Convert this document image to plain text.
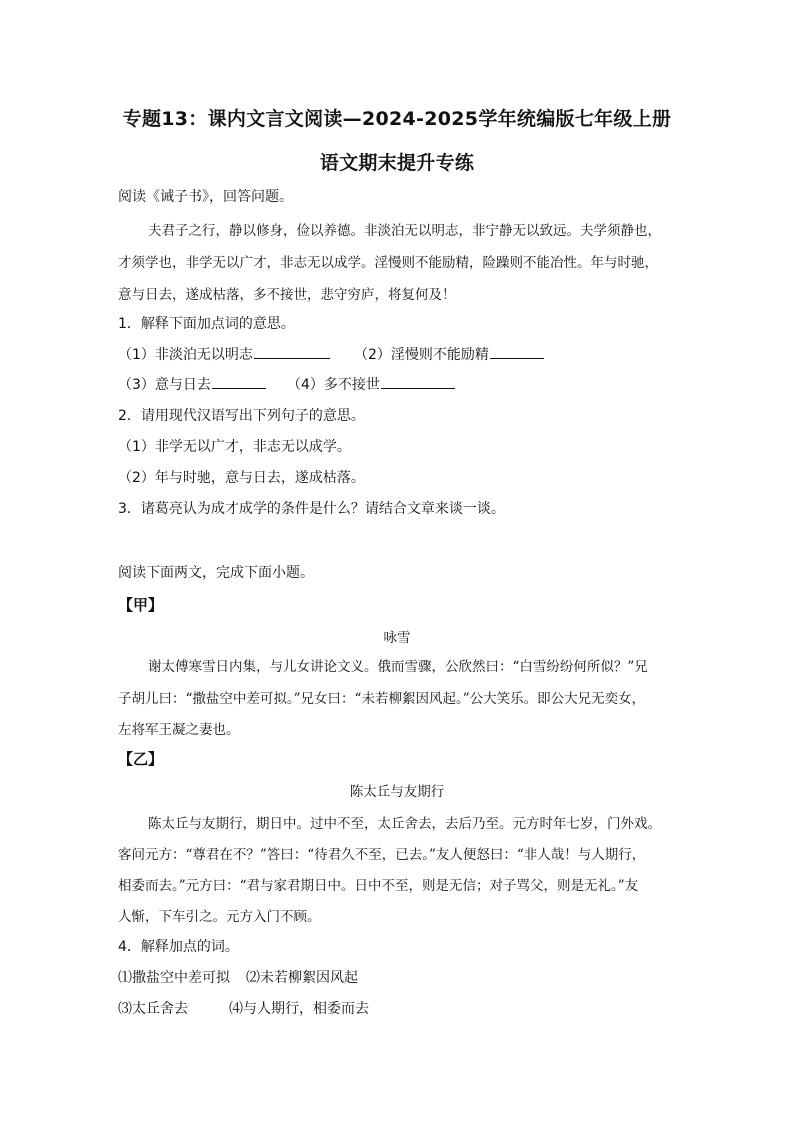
专题13：课内文言文阅读—2024-2025学年统编版七年级上册
语文期末提升专练
阅读《诫子书》，回答问题。
夫君子之行，静以修身，俭以养德。非淡泊无以明志，非宁静无以致远。夫学须静也，
才须学也，非学无以广才，非志无以成学。淫慢则不能励精，险躁则不能冶性。年与时驰，
意与日去，遂成枯落，多不接世，悲守穷庐，将复何及！
1．解释下面加点词的意思。
（1）非淡泊无以明志	（2）淫慢则不能励精
（3）意与日去	（4）多不接世
2．请用现代汉语写出下列句子的意思。
（1）非学无以广才，非志无以成学。
（2）年与时驰，意与日去，遂成枯落。
3．诸葛亮认为成才成学的条件是什么？请结合文章来谈一谈。
阅读下面两文，完成下面小题。
【甲】
咏雪
谢太傅寒雪日内集，与儿女讲论文义。俄而雪骤，公欣然曰：“白雪纷纷何所似？”兄
子胡儿曰：“撒盐空中差可拟。”兄女曰：“未若柳絮因风起。”公大笑乐。即公大兄无奕女，
左将军王凝之妻也。
【乙】
陈太丘与友期行
陈太丘与友期行，期日中。过中不至，太丘舍去，去后乃至。元方时年七岁，门外戏。
客问元方：“尊君在不？”答曰：“待君久不至，已去。”友人便怒曰：“非人哉！与人期行，
相委而去。”元方曰：“君与家君期日中。日中不至，则是无信；对子骂父，则是无礼。”友
人惭，下车引之。元方入门不顾。
4．解释加点的词。
⑴撒盐空中差可拟 ⑵未若柳絮因风起
⑶太丘舍去	⑷与人期行，相委而去
